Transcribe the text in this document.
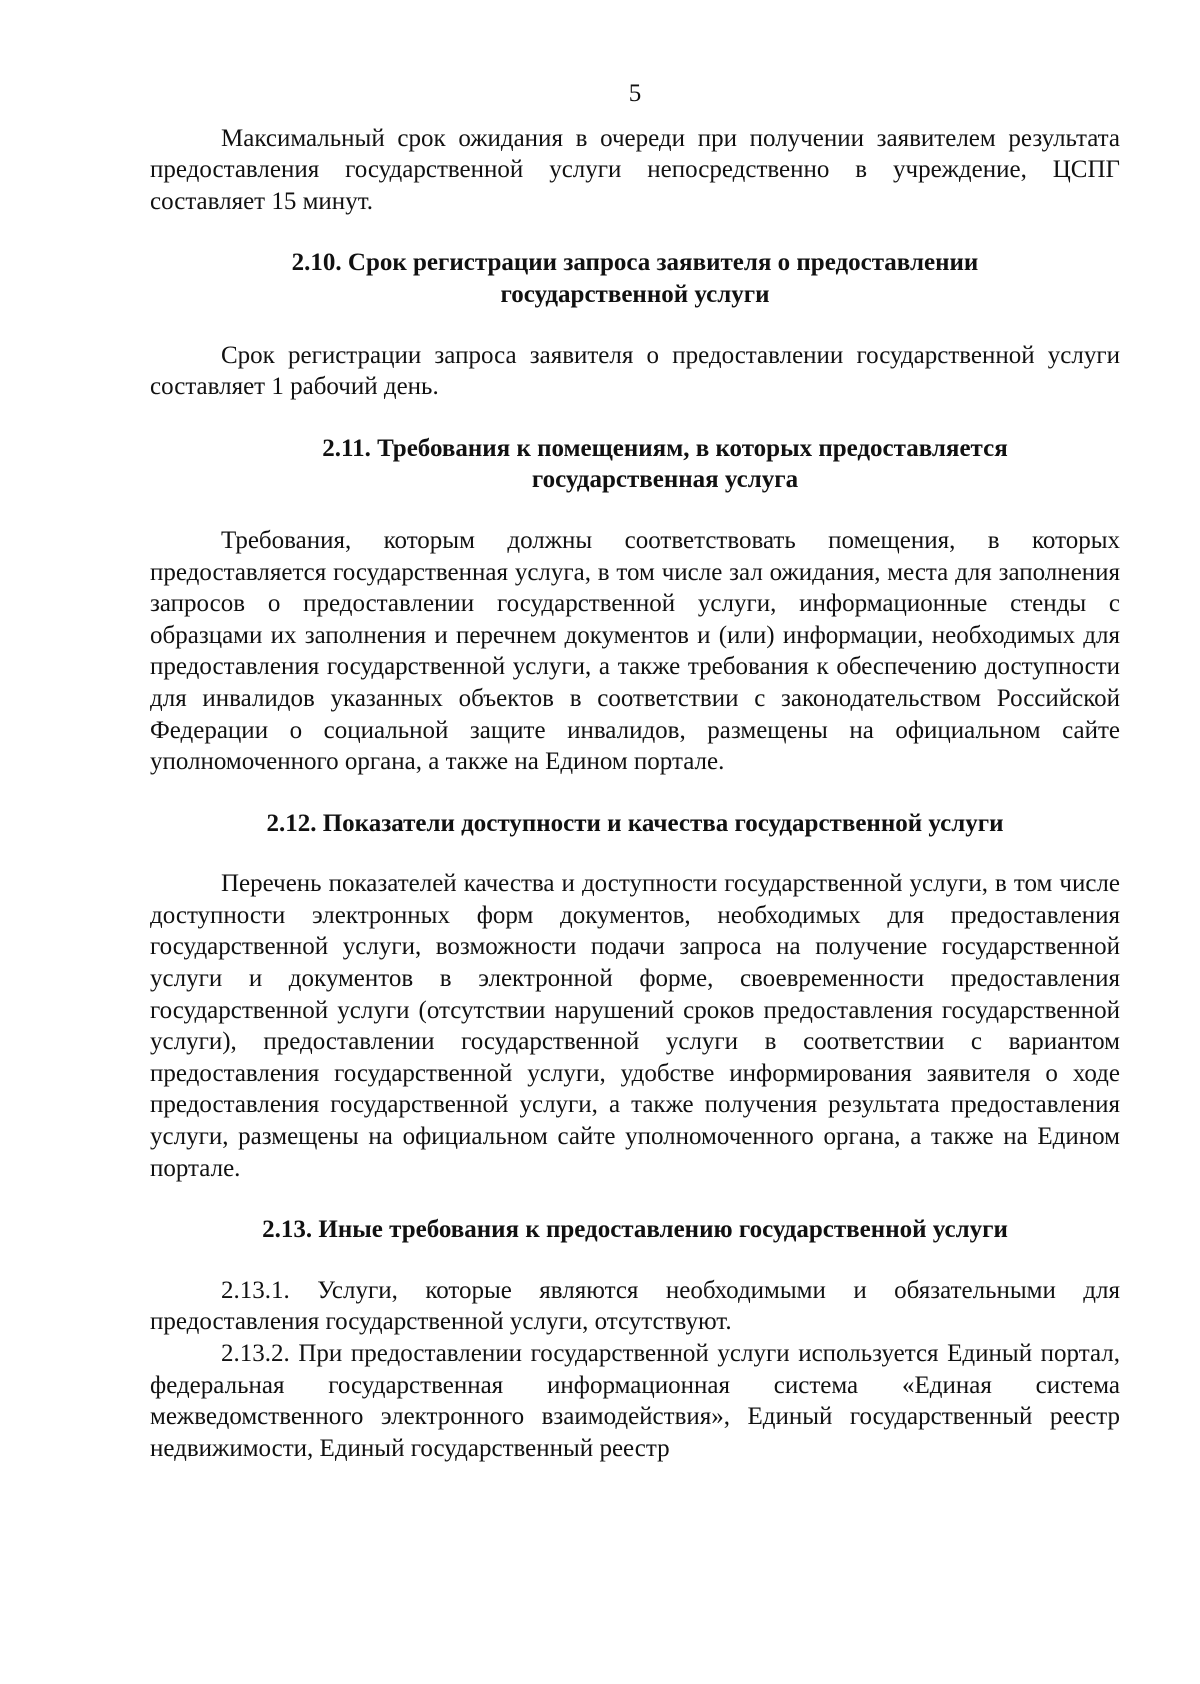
5

Максимальный срок ожидания в очереди при получении заявителем результата предоставления государственной услуги непосредственно в учреждение, ЦСПГ составляет 15 минут.

2.10. Срок регистрации запроса заявителя о предоставлении
государственной услуги

Срок регистрации запроса заявителя о предоставлении государственной услуги составляет 1 рабочий день.

2.11. Требования к помещениям, в которых предоставляется
государственная услуга

Требования, которым должны соответствовать помещения, в которых предоставляется государственная услуга, в том числе зал ожидания, места для заполнения запросов о предоставлении государственной услуги, информационные стенды с образцами их заполнения и перечнем документов и (или) информации, необходимых для предоставления государственной услуги, а также требования к обеспечению доступности для инвалидов указанных объектов в соответствии с законодательством Российской Федерации о социальной защите инвалидов, размещены на официальном сайте уполномоченного органа, а также на Едином портале.

2.12. Показатели доступности и качества государственной услуги

Перечень показателей качества и доступности государственной услуги, в том числе доступности электронных форм документов, необходимых для предоставления государственной услуги, возможности подачи запроса на получение государственной услуги и документов в электронной форме, своевременности предоставления государственной услуги (отсутствии нарушений сроков предоставления государственной услуги), предоставлении государственной услуги в соответствии с вариантом предоставления государственной услуги, удобстве информирования заявителя о ходе предоставления государственной услуги, а также получения результата предоставления услуги, размещены на официальном сайте уполномоченного органа, а также на Едином портале.

2.13. Иные требования к предоставлению государственной услуги

2.13.1. Услуги, которые являются необходимыми и обязательными для предоставления государственной услуги, отсутствуют.

2.13.2. При предоставлении государственной услуги используется Единый портал, федеральная государственная информационная система «Единая система межведомственного электронного взаимодействия», Единый государственный реестр недвижимости, Единый государственный реестр
